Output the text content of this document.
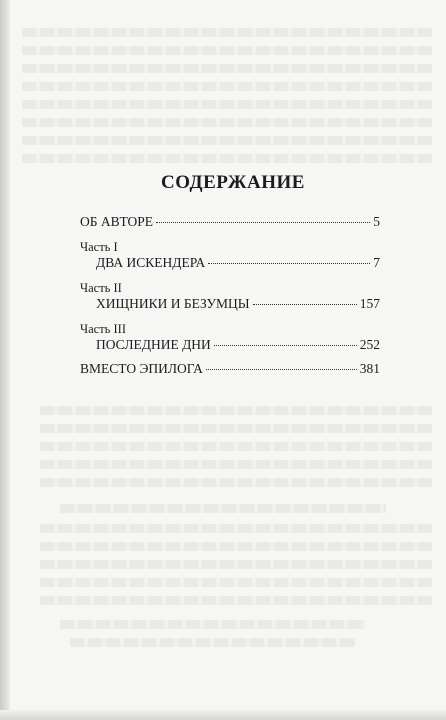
СОДЕРЖАНИЕ
ОБ АВТОРЕ	5
Часть I
ДВА ИСКЕНДЕРА	7
Часть II
ХИЩНИКИ И БЕЗУМЦЫ	157
Часть III
ПОСЛЕДНИЕ ДНИ	252
ВМЕСТО ЭПИЛОГА	381
